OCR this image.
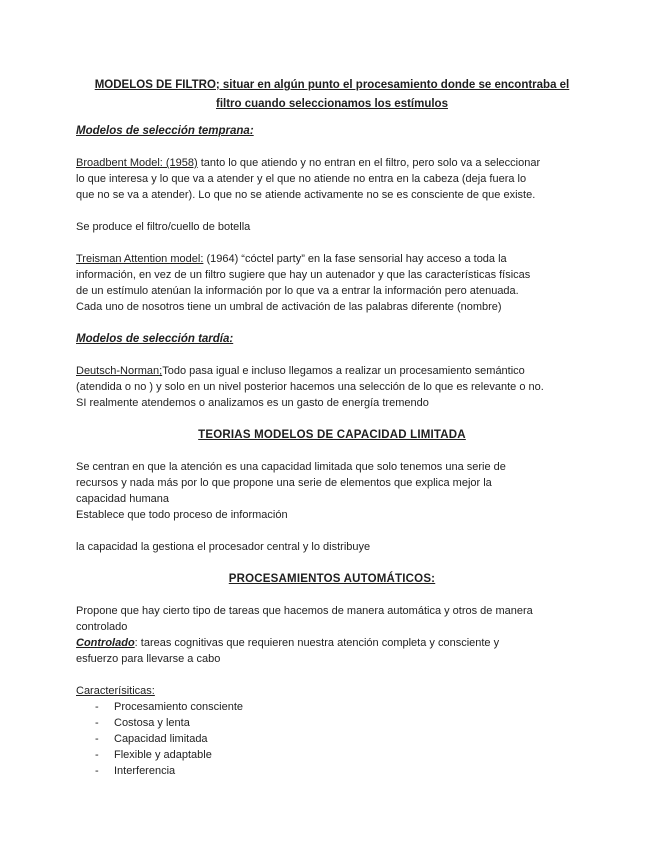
MODELOS DE FILTRO; situar en algún punto el procesamiento donde se encontraba el
filtro cuando seleccionamos los estímulos
Modelos de selección temprana:

Broadbent Model: (1958) tanto lo que atiendo y no entran en el filtro, pero solo va a seleccionar
lo que interesa y lo que va a atender y el que no atiende no entra en la cabeza (deja fuera lo
que no se va a atender). Lo que no se atiende activamente no se es consciente de que existe.

Se produce el filtro/cuello de botella

Treisman Attention model: (1964) “cóctel party” en la fase sensorial hay acceso a toda la
información, en vez de un filtro sugiere que hay un autenador y que las características físicas
de un estímulo atenúan la información por lo que va a entrar la información pero atenuada.
Cada uno de nosotros tiene un umbral de activación de las palabras diferente (nombre)

Modelos de selección tardía:

Deutsch-Norman;Todo pasa igual e incluso llegamos a realizar un procesamiento semántico
(atendida o no ) y solo en un nivel posterior hacemos una selección de lo que es relevante o no.
SI realmente atendemos o analizamos es un gasto de energía tremendo

TEORIAS MODELOS DE CAPACIDAD LIMITADA

Se centran en que la atención es una capacidad limitada que solo tenemos una serie de
recursos y nada más por lo que propone una serie de elementos que explica mejor la
capacidad humana
Establece que todo proceso de información

la capacidad la gestiona el procesador central y lo distribuye

PROCESAMIENTOS AUTOMÁTICOS:

Propone que hay cierto tipo de tareas que hacemos de manera automática y otros de manera
controlado
Controlado: tareas cognitivas que requieren nuestra atención completa y consciente y
esfuerzo para llevarse a cabo

Caracterísiticas:

- Procesamiento consciente
- Costosa y lenta
- Capacidad limitada
- Flexible y adaptable
- Interferencia
